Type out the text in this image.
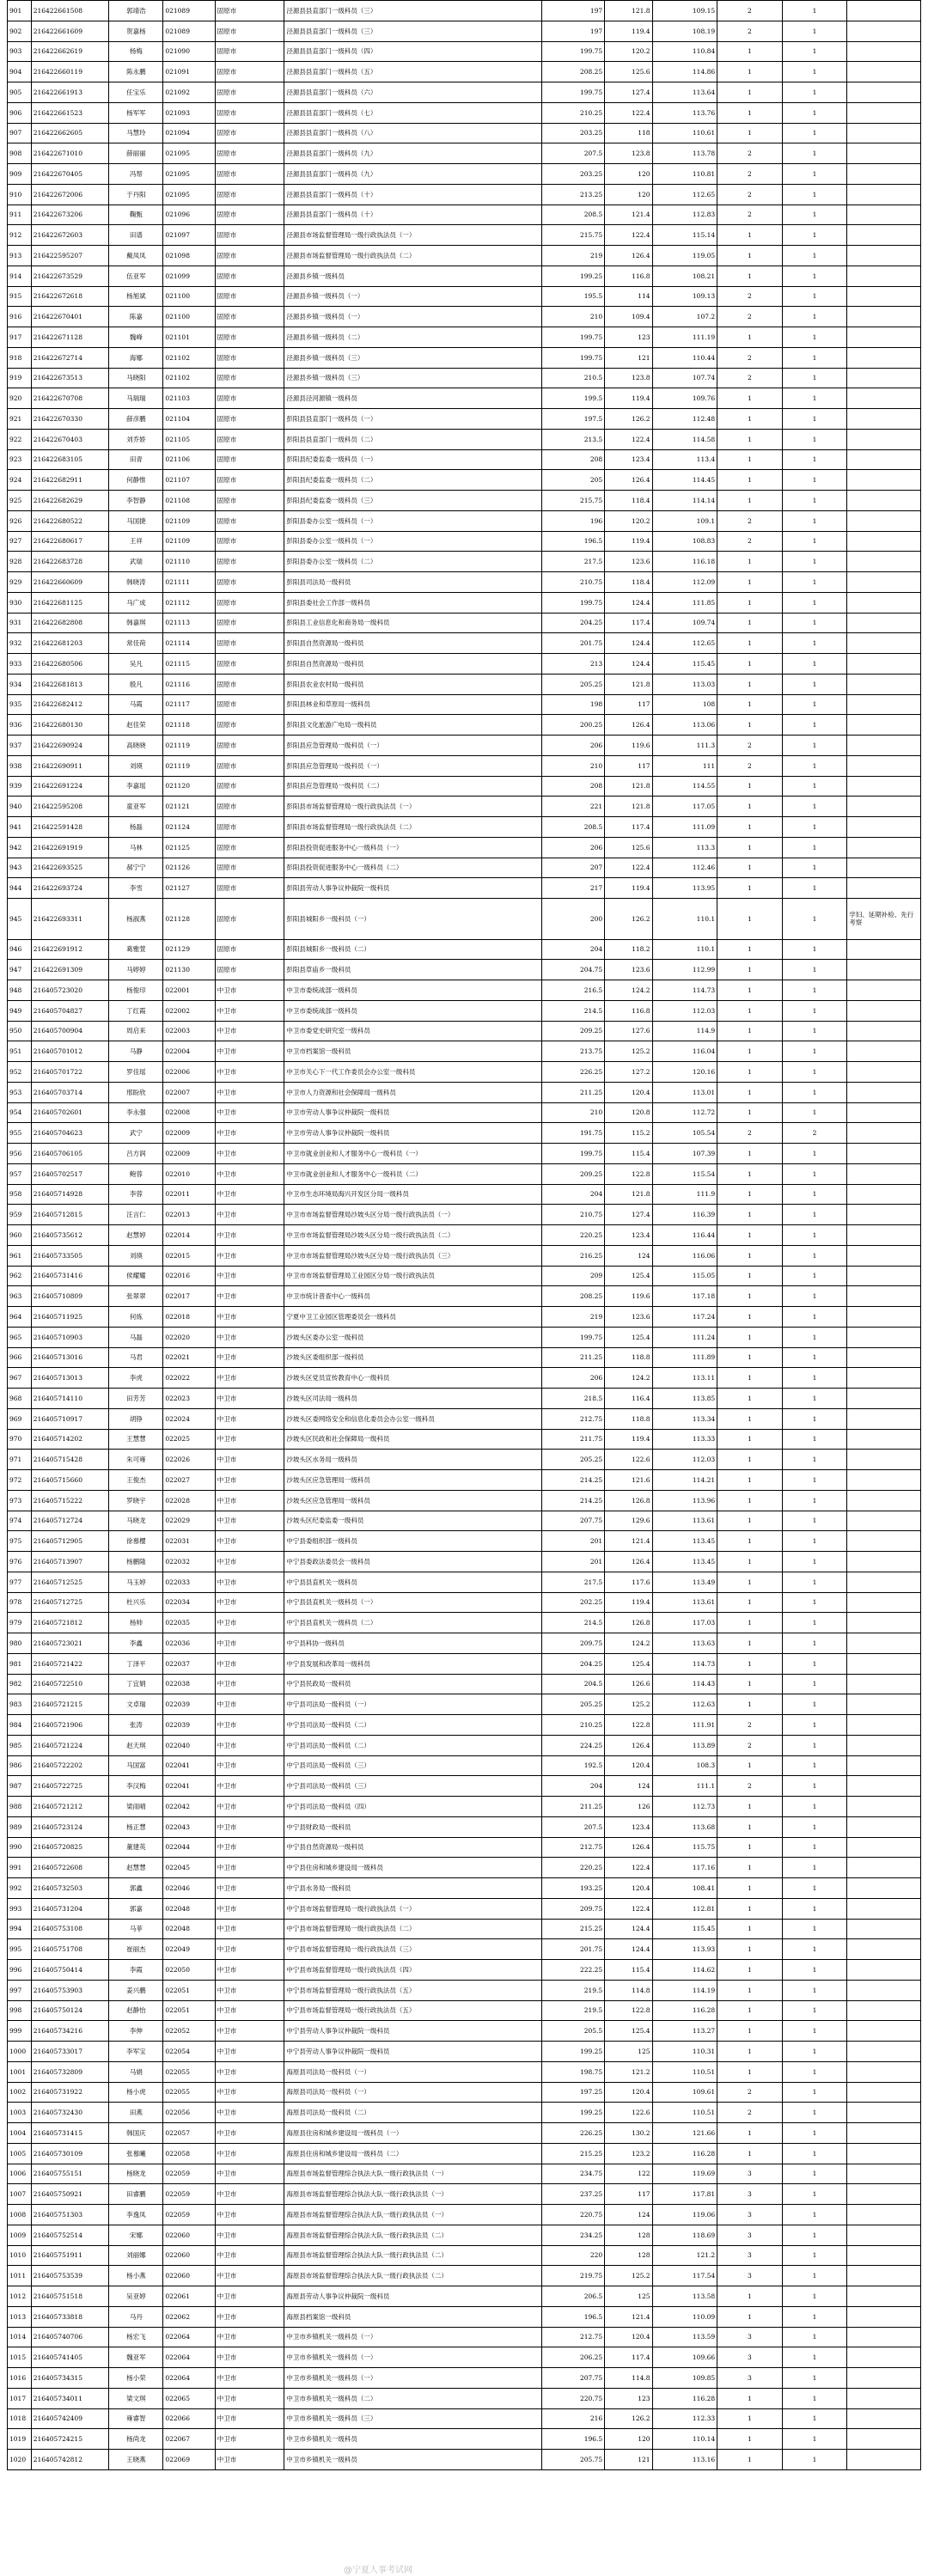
901	216422661508	郭靖浩	021089	固原市	泾源县县直部门一级科员（三）	197	121.8	109.15	2	1	
902	216422661609	贺嘉杨	021089	固原市	泾源县县直部门一级科员（三）	197	119.4	108.19	2	1	
903	216422662619	杨梅	021090	固原市	泾源县县直部门一级科员（四）	199.75	120.2	110.84	1	1	
904	216422660119	陈永鹏	021091	固原市	泾源县县直部门一级科员（五）	208.25	125.6	114.86	1	1	
905	216422661913	任宝乐	021092	固原市	泾源县县直部门一级科员（六）	199.75	127.4	113.64	1	1	
906	216422661523	杨军军	021093	固原市	泾源县县直部门一级科员（七）	210.25	122.4	113.76	1	1	
907	216422662605	马慧玲	021094	固原市	泾源县县直部门一级科员（八）	203.25	118	110.61	1	1	
908	216422671010	薛丽丽	021095	固原市	泾源县县直部门一级科员（九）	207.5	123.8	113.78	2	1	
909	216422670405	冯帮	021095	固原市	泾源县县直部门一级科员（九）	203.25	120	110.81	2	1	
910	216422672006	于丹阳	021095	固原市	泾源县县直部门一级科员（十）	213.25	120	112.65	2	1	
911	216422673206	鞠甄	021096	固原市	泾源县县直部门一级科员（十）	208.5	121.4	112.83	2	1	
912	216422672603	田谱	021097	固原市	泾源县市场监督管理局一级行政执法员（一）	215.75	122.4	115.14	1	1	
913	216422595207	戴凤凤	021098	固原市	泾源县市场监督管理局一级行政执法员（二）	219	126.4	119.05	1	1	
914	216422673529	伍亚军	021099	固原市	泾源县乡镇一级科员	199.25	116.8	108.21	1	1	
915	216422672618	杨旭斌	021100	固原市	泾源县乡镇一级科员（一）	195.5	114	109.13	2	1	
916	216422670401	陈嘉	021100	固原市	泾源县乡镇一级科员（一）	210	109.4	107.2	2	1	
917	216422671128	魏峰	021101	固原市	泾源县乡镇一级科员（二）	199.75	123	111.19	1	1	
918	216422672714	海娜	021102	固原市	泾源县乡镇一级科员（三）	199.75	121	110.44	2	1	
919	216422673513	马晓阳	021102	固原市	泾源县乡镇一级科员（三）	210.5	123.8	107.74	2	1	
920	216422670708	马瑞瑞	021103	固原市	泾源县泾河源镇一级科员	199.5	119.4	109.76	1	1	
921	216422670330	薛彦鹏	021104	固原市	彭阳县县直部门一级科员（一）	197.5	126.2	112.48	1	1	
922	216422670403	刘乔娇	021105	固原市	彭阳县县直部门一级科员（二）	213.5	122.4	114.58	1	1	
923	216422683105	田青	021106	固原市	彭阳县纪委监委一级科员（一）	208	123.4	113.4	1	1	
924	216422682911	何静惟	021107	固原市	彭阳县纪委监委一级科员（二）	205	126.4	114.45	1	1	
925	216422682629	李智静	021108	固原市	彭阳县纪委监委一级科员（三）	215.75	118.4	114.14	1	1	
926	216422680522	马国捷	021109	固原市	彭阳县委办公室一级科员（一）	196	120.2	109.1	2	1	
927	216422680617	王祥	021109	固原市	彭阳县委办公室一级科员（一）	196.5	119.4	108.83	2	1	
928	216422683728	武瑞	021110	固原市	彭阳县委办公室一级科员（二）	217.5	123.6	116.18	1	1	
929	216422660609	韩晓涛	021111	固原市	彭阳县司法局一级科员	210.75	118.4	112.09	1	1	
930	216422681125	马广成	021112	固原市	彭阳县委社会工作部一级科员	199.75	124.4	111.85	1	1	
931	216422682808	韩嘉琪	021113	固原市	彭阳县工业信息化和商务局一级科员	204.25	117.4	109.74	1	1	
932	216422681203	常佳荷	021114	固原市	彭阳县自然资源局一级科员	201.75	124.4	112.65	1	1	
933	216422680506	吴凡	021115	固原市	彭阳县自然资源局一级科员	213	124.4	115.45	1	1	
934	216422681813	殷凡	021116	固原市	彭阳县农业农村局一级科员	205.25	121.8	113.03	1	1	
935	216422682412	马霞	021117	固原市	彭阳县林业和草原局一级科员	198	117	108	1	1	
936	216422680130	赵佳荣	021118	固原市	彭阳县文化旅游广电局一级科员	200.25	126.4	113.06	1	1	
937	216422690924	高晓晓	021119	固原市	彭阳县应急管理局一级科员（一）	206	119.6	111.3	2	1	
938	216422690911	刘瑛	021119	固原市	彭阳县应急管理局一级科员（一）	210	117	111	2	1	
939	216422691224	李嘉瑶	021120	固原市	彭阳县应急管理局一级科员（二）	208	121.8	114.55	1	1	
940	216422595208	童亚军	021121	固原市	彭阳县市场监督管理局一级行政执法员（一）	221	121.8	117.05	1	1	
941	216422591428	杨磊	021124	固原市	彭阳县市场监督管理局一级行政执法员（二）	208.5	117.4	111.09	1	1	
942	216422691919	马林	021125	固原市	彭阳县投资促进服务中心一级科员（一）	206	125.6	113.3	1	1	
943	216422693525	郝宁宁	021126	固原市	彭阳县投资促进服务中心一级科员（二）	207	122.4	112.46	1	1	
944	216422693724	李雪	021127	固原市	彭阳县劳动人事争议仲裁院一级科员	217	119.4	113.95	1	1	
945	216422693311	杨淑燕	021128	固原市	彭阳县城阳乡一级科员（一）	200	126.2	110.1	1	1	学妇、延期补检、先行考察
946	216422691912	葛雅萱	021129	固原市	彭阳县城阳乡一级科员（二）	204	118.2	110.1	1	1	
947	216422691309	马婷婷	021130	固原市	彭阳县草庙乡一级科员	204.75	123.6	112.99	1	1	
948	216405723020	杨俊印	022001	中卫市	中卫市委统战部一级科员	216.5	124.2	114.73	1	1	
949	216405704827	丁红霞	022002	中卫市	中卫市委统战部一级科员	214.5	116.8	112.03	1	1	
950	216405700904	周启来	022003	中卫市	中卫市委党史研究室一级科员	209.25	127.6	114.9	1	1	
951	216405701012	马静	022004	中卫市	中卫市档案馆一级科员	213.75	125.2	116.04	1	1	
952	216405701722	罗佳瑶	022006	中卫市	中卫市关心下一代工作委员会办公室一级科员	226.25	127.2	120.16	1	1	
953	216405703714	邢盼欣	022007	中卫市	中卫市人力资源和社会保障局一级科员	211.25	120.4	113.01	1	1	
954	216405702601	李永强	022008	中卫市	中卫市劳动人事争议仲裁院一级科员	210	120.8	112.72	1	1	
955	216405704623	武宁	022009	中卫市	中卫市劳动人事争议仲裁院一级科员	191.75	115.2	105.54	2	2	
956	216405706105	吕方润	022009	中卫市	中卫市就业创业和人才服务中心一级科员（一）	199.75	115.4	107.39	1	1	
957	216405702517	鲍蓉	022010	中卫市	中卫市就业创业和人才服务中心一级科员（二）	209.25	122.8	115.54	1	1	
958	216405714928	李蓉	022011	中卫市	中卫市生态环境局海兴开发区分局一级科员	204	121.8	111.9	1	1	
959	216405712815	汪言仁	022013	中卫市	中卫市市场监督管理局沙坡头区分局一级行政执法员（一）	210.75	127.4	116.39	1	1	
960	216405735612	赵慧婷	022014	中卫市	中卫市市场监督管理局沙坡头区分局一级行政执法员（二）	220.25	123.4	116.44	1	1	
961	216405733505	刘瑛	022015	中卫市	中卫市市场监督管理局沙坡头区分局一级行政执法员（三）	216.25	124	116.06	1	1	
962	216405731416	侯耀耀	022016	中卫市	中卫市市场监督管理局工业园区分局一级行政执法员	209	125.4	115.05	1	1	
963	216405710809	张翠翠	022017	中卫市	中卫市统计普查中心一级科员	208.25	119.6	117.18	1	1	
964	216405711925	何炼	022018	中卫市	宁夏中卫工业园区管理委员会一级科员	219	123.6	117.24	1	1	
965	216405710903	马磊	022020	中卫市	沙坡头区委办公室一级科员	199.75	125.4	111.24	1	1	
966	216405713016	马君	022021	中卫市	沙坡头区委组织部一级科员	211.25	118.8	111.89	1	1	
967	216405713013	李虎	022022	中卫市	沙坡头区党员宣传教育中心一级科员	206	124.2	113.11	1	1	
968	216405714110	田芳芳	022023	中卫市	沙坡头区司法局一级科员	218.5	116.4	113.85	1	1	
969	216405710917	胡铮	022024	中卫市	沙坡头区委网络安全和信息化委员会办公室一级科员	212.75	118.8	113.34	1	1	
970	216405714202	王慧慧	022025	中卫市	沙坡头区民政和社会保障局一级科员	211.75	119.4	113.33	1	1	
971	216405715428	朱可雍	022026	中卫市	沙坡头区水务局一级科员	205.25	122.6	112.03	1	1	
972	216405715660	王俊杰	022027	中卫市	沙坡头区应急管理局一级科员	214.25	121.6	114.21	1	1	
973	216405715222	罗晓宇	022028	中卫市	沙坡头区应急管理局一级科员	214.25	126.8	113.96	1	1	
974	216405712724	马晓龙	022029	中卫市	沙坡头区纪委监委一级科员	207.75	129.6	113.61	1	1	
975	216405712905	徐慕樱	022031	中卫市	中宁县委组织部一级科员	201	121.4	113.45	1	1	
976	216405713907	杨鹏隆	022032	中卫市	中宁县委政法委员会一级科员	201	126.4	113.45	1	1	
977	216405712525	马玉婷	022033	中卫市	中宁县县直机关一级科员	217.5	117.6	113.49	1	1	
978	216405712725	杜兴乐	022034	中卫市	中宁县县直机关一级科员（一）	202.25	119.4	113.61	1	1	
979	216405721812	杨帅	022035	中卫市	中宁县县直机关一级科员（二）	214.5	126.8	117.03	1	1	
980	216405723021	李鑫	022036	中卫市	中宁县科协一级科员	209.75	124.2	113.63	1	1	
981	216405721422	丁泽平	022037	中卫市	中宁县发展和改革局一级科员	204.25	125.4	114.73	1	1	
982	216405722510	丁宜娟	022038	中卫市	中宁县民政局一级科员	204.5	126.6	114.43	1	1	
983	216405721215	文卓瑞	022039	中卫市	中宁县司法局一级科员（一）	205.25	125.2	112.63	1	1	
984	216405721906	张涛	022039	中卫市	中宁县司法局一级科员（二）	210.25	122.8	111.91	2	1	
985	216405721224	赵天琪	022040	中卫市	中宁县司法局一级科员（二）	224.25	126.4	113.89	2	1	
986	216405722202	马国富	022041	中卫市	中宁县司法局一级科员（三）	192.5	120.4	108.3	1	1	
987	216405722725	李汉梅	022041	中卫市	中宁县司法局一级科员（三）	204	124	111.1	2	1	
988	216405721212	梁雨晴	022042	中卫市	中宁县司法局一级科员（四）	211.25	126	112.73	1	1	
989	216405723124	杨正慧	022043	中卫市	中宁县财政局一级科员	207.5	123.4	113.68	1	1	
990	216405720825	董建英	022044	中卫市	中宁县自然资源局一级科员	212.75	126.4	115.75	1	1	
991	216405722608	赵慧慧	022045	中卫市	中宁县住房和城乡建设局一级科员	220.25	122.4	117.16	1	1	
992	216405732503	郭鑫	022046	中卫市	中宁县水务局一级科员	193.25	120.4	108.41	1	1	
993	216405731204	郭嘉	022048	中卫市	中宁县市场监督管理局一级行政执法员（一）	209.75	122.4	112.81	1	1	
994	216405753108	马菲	022048	中卫市	中宁县市场监督管理局一级行政执法员（二）	215.25	124.4	115.45	1	1	
995	216405751708	崔丽杰	022049	中卫市	中宁县市场监督管理局一级行政执法员（三）	201.75	124.4	113.93	1	1	
996	216405750414	李霞	022050	中卫市	中宁县市场监督管理局一级行政执法员（四）	222.25	115.4	114.62	1	1	
997	216405753903	姜兴鹏	022051	中卫市	中宁县市场监督管理局一级行政执法员（五）	219.5	114.8	114.19	1	1	
998	216405750124	赵静怡	022051	中卫市	中宁县市场监督管理局一级行政执法员（五）	219.5	122.8	116.28	1	1	
999	216405734216	李伸	022052	中卫市	中宁县劳动人事争议仲裁院一级科员	205.5	125.4	113.27	1	1	
1000	216405733017	李军宝	022054	中卫市	中宁县劳动人事争议仲裁院一级科员	199.25	125	110.31	1	1	
1001	216405732809	马娟	022055	中卫市	海原县司法局一级科员（一）	198.75	121.2	110.51	1	1	
1002	216405731922	杨小虎	022055	中卫市	海原县司法局一级科员（一）	197.25	120.4	109.61	2	1	
1003	216405732430	田燕	022056	中卫市	海原县司法局一级科员（二）	199.25	122.6	110.51	2	1	
1004	216405731415	韩国庆	022057	中卫市	海原县住房和城乡建设局一级科员（一）	226.25	130.2	121.66	1	1	
1005	216405730109	张慕曦	022058	中卫市	海原县住房和城乡建设局一级科员（二）	215.25	123.2	116.28	1	1	
1006	216405755151	杨晓龙	022059	中卫市	海原县市场监督管理综合执法大队一级行政执法员（一）	234.75	122	119.69	3	1	
1007	216405750921	田睿鹏	022059	中卫市	海原县市场监督管理综合执法大队一级行政执法员（一）	237.25	117	117.81	3	1	
1008	216405751303	李逸凤	022059	中卫市	海原县市场监督管理综合执法大队一级行政执法员（一）	220.75	124	119.06	3	1	
1009	216405752514	宋娜	022060	中卫市	海原县市场监督管理综合执法大队一级行政执法员（二）	234.25	128	118.69	3	1	
1010	216405751911	刘丽娜	022060	中卫市	海原县市场监督管理综合执法大队一级行政执法员（二）	220	128	121.2	3	1	
1011	216405753539	杨小燕	022060	中卫市	海原县市场监督管理综合执法大队一级行政执法员（二）	219.75	125.2	117.54	3	1	
1012	216405751518	吴亚婷	022061	中卫市	海原县劳动人事争议仲裁院一级科员	206.5	125	113.58	1	1	
1013	216405733818	马丹	022062	中卫市	海原县档案馆一级科员	196.5	121.4	110.09	1	1	
1014	216405740706	杨宏飞	022064	中卫市	中卫市乡镇机关一级科员（一）	212.75	120.4	113.59	3	1	
1015	216405741405	魏亚军	022064	中卫市	中卫市乡镇机关一级科员（一）	206.25	117.4	109.66	3	1	
1016	216405734315	杨小荣	022064	中卫市	中卫市乡镇机关一级科员（一）	207.75	114.8	109.85	3	1	
1017	216405734011	梁文琪	022065	中卫市	中卫市乡镇机关一级科员（二）	220.75	123	116.28	1	1	
1018	216405742409	雍睿智	022066	中卫市	中卫市乡镇机关一级科员（三）	216	126.2	112.33	1	1	
1019	216405724215	杨尚龙	022067	中卫市	中卫市乡镇机关一级科员	196.5	120	110.14	1	1	
1020	216405742812	王晓燕	022069	中卫市	中卫市乡镇机关一级科员	205.75	121	113.16	1	1	
@宁夏人事考试网
